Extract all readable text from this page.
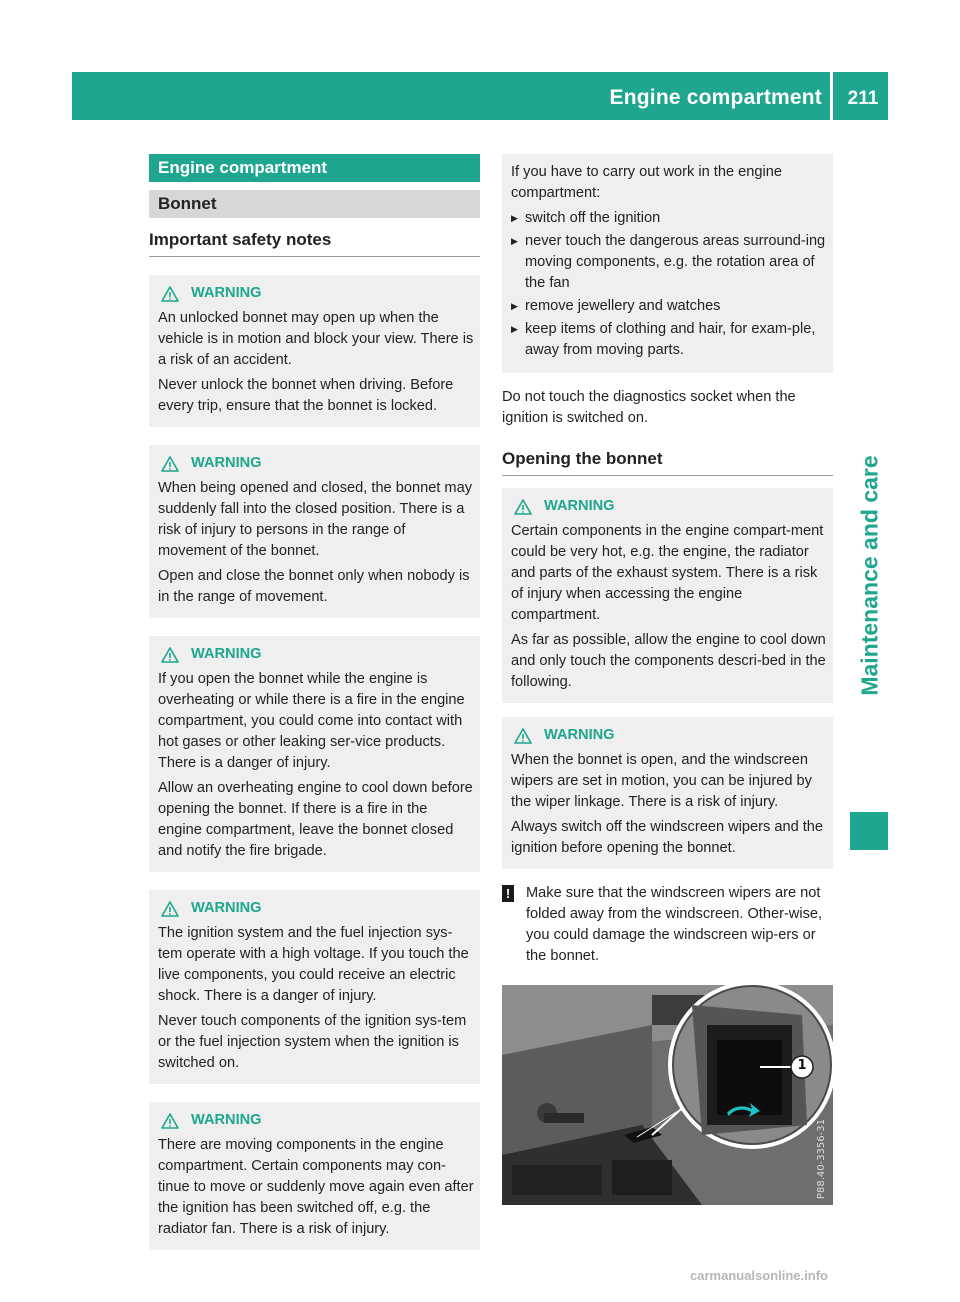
Engine compartment	211
Maintenance and care
Engine compartment
Bonnet
Important safety notes
WARNING

An unlocked bonnet may open up when the vehicle is in motion and block your view. There is a risk of an accident.

Never unlock the bonnet when driving. Before every trip, ensure that the bonnet is locked.

WARNING

When being opened and closed, the bonnet may suddenly fall into the closed position. There is a risk of injury to persons in the range of movement of the bonnet.

Open and close the bonnet only when nobody is in the range of movement.

WARNING

If you open the bonnet while the engine is overheating or while there is a fire in the engine compartment, you could come into contact with hot gases or other leaking ser-vice products. There is a danger of injury.

Allow an overheating engine to cool down before opening the bonnet. If there is a fire in the engine compartment, leave the bonnet closed and notify the fire brigade.

WARNING

The ignition system and the fuel injection sys-tem operate with a high voltage. If you touch the live components, you could receive an electric shock. There is a danger of injury.

Never touch components of the ignition sys-tem or the fuel injection system when the ignition is switched on.

WARNING

There are moving components in the engine compartment. Certain components may con-tinue to move or suddenly move again even after the ignition has been switched off, e.g. the radiator fan. There is a risk of injury.

If you have to carry out work in the engine compartment:

▶ switch off the ignition
▶ never touch the dangerous areas surround-ing moving components, e.g. the rotation area of the fan
▶ remove jewellery and watches
▶ keep items of clothing and hair, for exam-ple, away from moving parts.

Do not touch the diagnostics socket when the ignition is switched on.

Opening the bonnet
WARNING

Certain components in the engine compart-ment could be very hot, e.g. the engine, the radiator and parts of the exhaust system. There is a risk of injury when accessing the engine compartment.

As far as possible, allow the engine to cool down and only touch the components descri-bed in the following.

WARNING

When the bonnet is open, and the windscreen wipers are set in motion, you can be injured by the wiper linkage. There is a risk of injury.

Always switch off the windscreen wipers and the ignition before opening the bonnet.

! Make sure that the windscreen wipers are not folded away from the windscreen. Other-wise, you could damage the windscreen wip-ers or the bonnet.

1
P88.40-3356-31
carmanualsonline.info
